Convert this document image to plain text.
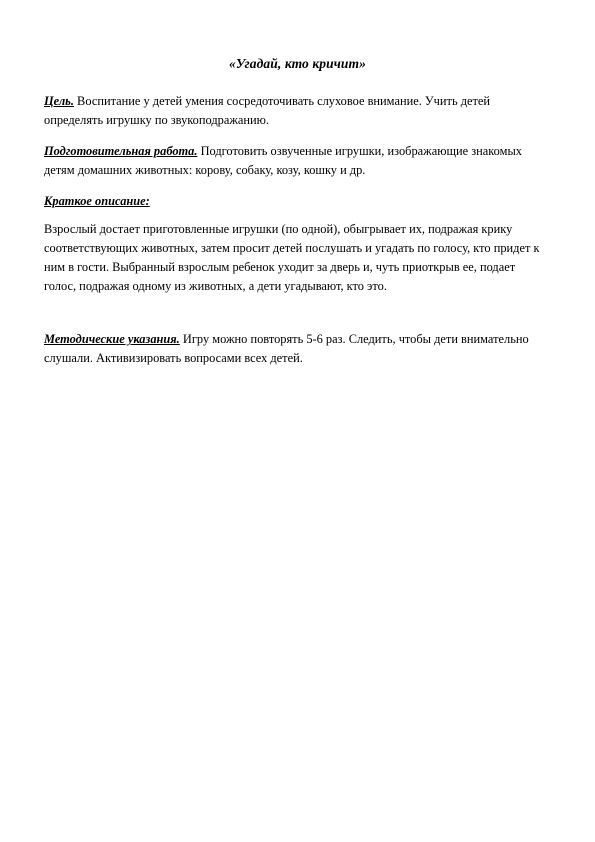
«Угадай, кто кричит»
Цель. Воспитание у детей умения сосредоточивать слуховое внимание. Учить детей определять игрушку по звукоподражанию.
Подготовительная работа. Подготовить озвученные игрушки, изображающие знакомых детям домашних животных: корову, собаку, козу, кошку и др.
Краткое описание:
Взрослый достает приготовленные игрушки (по одной), обыгрывает их, подражая крику соответствующих животных, затем просит детей послушать и угадать по голосу, кто придет к ним в гости. Выбранный взрослым ребенок уходит за дверь и, чуть приоткрыв ее, подает голос, подражая одному из животных, а дети угадывают, кто это.
Методические указания. Игру можно повторять 5-6 раз. Следить, чтобы дети внимательно слушали. Активизировать вопросами всех детей.
